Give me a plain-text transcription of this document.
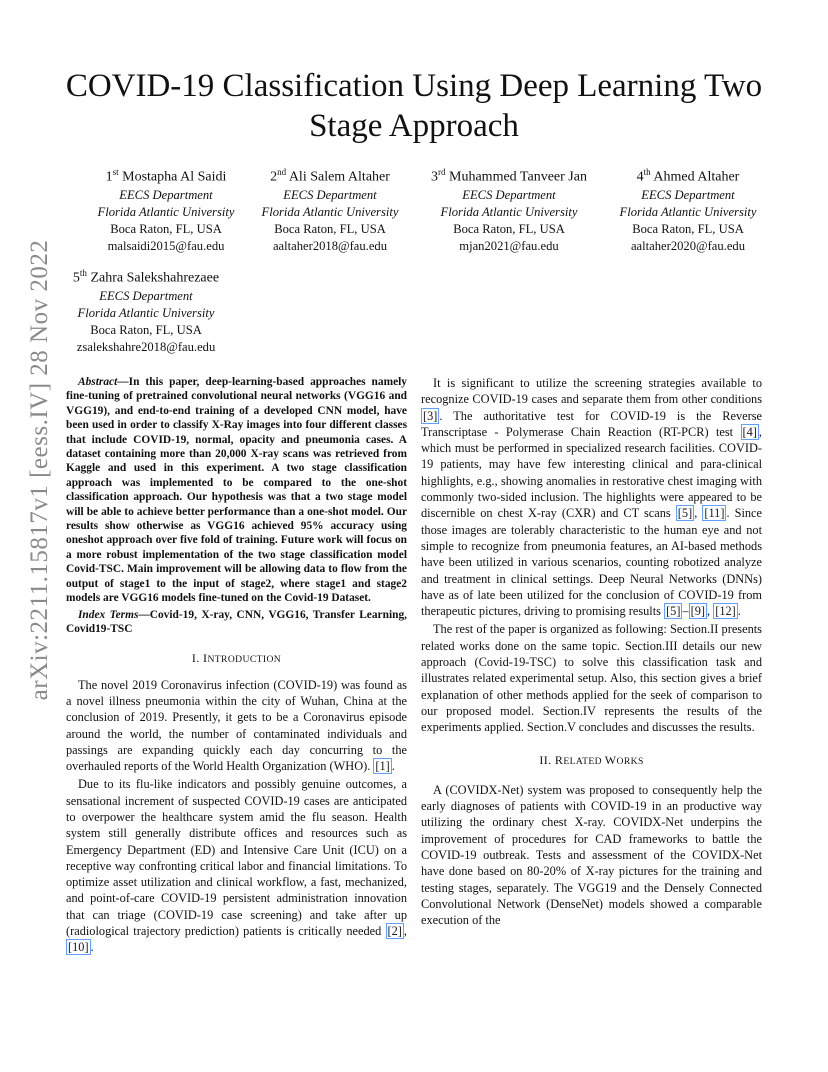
arXiv:2211.15817v1 [eess.IV] 28 Nov 2022
COVID-19 Classification Using Deep Learning Two
Stage Approach
1st Mostapha Al Saidi
EECS Department
Florida Atlantic University
Boca Raton, FL, USA
malsaidi2015@fau.edu
2nd Ali Salem Altaher
EECS Department
Florida Atlantic University
Boca Raton, FL, USA
aaltaher2018@fau.edu
3rd Muhammed Tanveer Jan
EECS Department
Florida Atlantic University
Boca Raton, FL, USA
mjan2021@fau.edu
4th Ahmed Altaher
EECS Department
Florida Atlantic University
Boca Raton, FL, USA
aaltaher2020@fau.edu
5th Zahra Salekshahrezaee
EECS Department
Florida Atlantic University
Boca Raton, FL, USA
zsalekshahre2018@fau.edu

Abstract—In this paper, deep-learning-based approaches namely fine-tuning of pretrained convolutional neural networks (VGG16 and VGG19), and end-to-end training of a developed CNN model, have been used in order to classify X-Ray images into four different classes that include COVID-19, normal, opacity and pneumonia cases. A dataset containing more than 20,000 X-ray scans was retrieved from Kaggle and used in this experiment. A two stage classification approach was implemented to be compared to the one-shot classification approach. Our hypothesis was that a two stage model will be able to achieve better performance than a one-shot model. Our results show otherwise as VGG16 achieved 95% accuracy using oneshot approach over five fold of training. Future work will focus on a more robust implementation of the two stage classification model Covid-TSC. Main improvement will be allowing data to flow from the output of stage1 to the input of stage2, where stage1 and stage2 models are VGG16 models fine-tuned on the Covid-19 Dataset.

Index Terms—Covid-19, X-ray, CNN, VGG16, Transfer Learning, Covid19-TSC

I. INTRODUCTION

The novel 2019 Coronavirus infection (COVID-19) was found as a novel illness pneumonia within the city of Wuhan, China at the conclusion of 2019. Presently, it gets to be a Coronavirus episode around the world, the number of contaminated individuals and passings are expanding quickly each day concurring to the overhauled reports of the World Health Organization (WHO). [1] .

Due to its flu-like indicators and possibly genuine outcomes, a sensational increment of suspected COVID-19 cases are anticipated to overpower the healthcare system amid the flu season. Health system still generally distribute offices and resources such as Emergency Department (ED) and Intensive Care Unit (ICU) on a receptive way confronting critical labor and financial limitations. To optimize asset utilization and clinical workflow, a fast, mechanized, and point-of-care COVID-19 persistent administration innovation that can triage (COVID-19 case screening) and take after up (radiological trajectory prediction) patients is critically needed [2] , [10] .

It is significant to utilize the screening strategies available to recognize COVID-19 cases and separate them from other conditions [3] . The authoritative test for COVID-19 is the Reverse Transcriptase - Polymerase Chain Reaction (RT-PCR) test [4] , which must be performed in specialized research facilities. COVID-19 patients, may have few interesting clinical and para-clinical highlights, e.g., showing anomalies in restorative chest imaging with commonly two-sided inclusion. The highlights were appeared to be discernible on chest X-ray (CXR) and CT scans [5] , [11] . Since those images are tolerably characteristic to the human eye and not simple to recognize from pneumonia features, an AI-based methods have been utilized in various scenarios, counting robotized analyze and treatment in clinical settings. Deep Neural Networks (DNNs) have as of late been utilized for the conclusion of COVID-19 from therapeutic pictures, driving to promising results [5] – [9] , [12] .

The rest of the paper is organized as following: Section.II presents related works done on the same topic. Section.III details our new approach (Covid-19-TSC) to solve this classification task and illustrates related experimental setup. Also, this section gives a brief explanation of other methods applied for the seek of comparison to our proposed model. Section.IV represents the results of the experiments applied. Section.V concludes and discusses the results.

II. RELATED WORKS

A (COVIDX-Net) system was proposed to consequently help the early diagnoses of patients with COVID-19 in an productive way utilizing the ordinary chest X-ray. COVIDX-Net underpins the improvement of procedures for CAD frameworks to battle the COVID-19 outbreak. Tests and assessment of the COVIDX-Net have done based on 80-20% of X-ray pictures for the training and testing stages, separately. The VGG19 and the Densely Connected Convolutional Network (DenseNet) models showed a comparable execution of the
